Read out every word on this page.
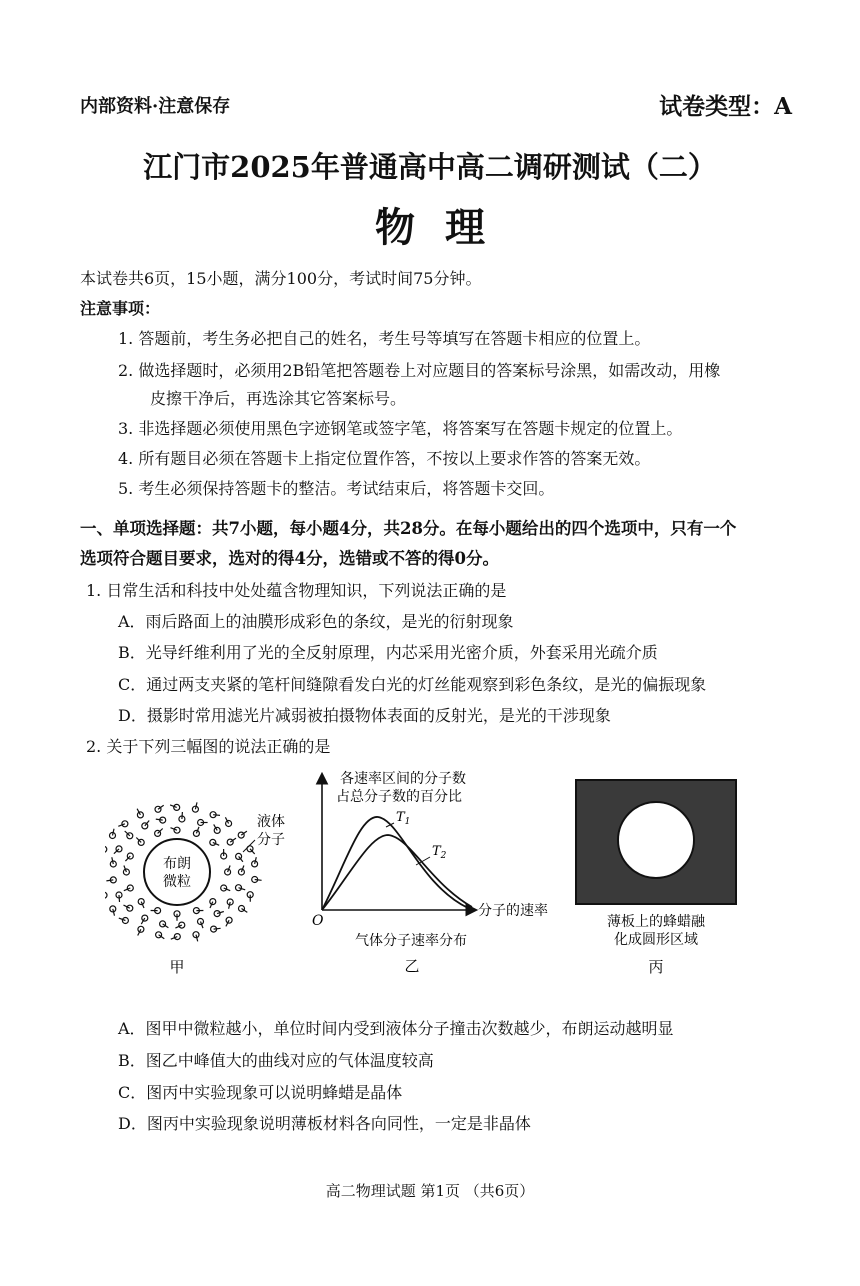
内部资料·注意保存	试卷类型：A
江门市2025年普通高中高二调研测试（二）
物理
本试卷共6页，15小题，满分100分，考试时间75分钟。
注意事项：
1. 答题前，考生务必把自己的姓名，考生号等填写在答题卡相应的位置上。
2. 做选择题时，必须用2B铅笔把答题卷上对应题目的答案标号涂黑，如需改动，用橡
皮擦干净后，再选涂其它答案标号。
3. 非选择题必须使用黑色字迹钢笔或签字笔，将答案写在答题卡规定的位置上。
4. 所有题目必须在答题卡上指定位置作答，不按以上要求作答的答案无效。
5. 考生必须保持答题卡的整洁。考试结束后，将答题卡交回。
一、单项选择题：共7小题，每小题4分，共28分。在每小题给出的四个选项中，只有一个
选项符合题目要求，选对的得4分，选错或不答的得0分。
1. 日常生活和科技中处处蕴含物理知识，下列说法正确的是
A．雨后路面上的油膜形成彩色的条纹，是光的衍射现象
B．光导纤维利用了光的全反射原理，内芯采用光密介质，外套采用光疏介质
C．通过两支夹紧的笔杆间缝隙看发白光的灯丝能观察到彩色条纹，是光的偏振现象
D．摄影时常用滤光片减弱被拍摄物体表面的反射光，是光的干涉现象
2. 关于下列三幅图的说法正确的是
布朗
微粒
液体
分子
甲
各速率区间的分子数
占总分子数的百分比
分子的速率
O
$T_1$
$T_2$
气体分子速率分布
乙
薄板上的蜂蜡融
化成圆形区域
丙
A．图甲中微粒越小，单位时间内受到液体分子撞击次数越少，布朗运动越明显
B．图乙中峰值大的曲线对应的气体温度较高
C．图丙中实验现象可以说明蜂蜡是晶体
D．图丙中实验现象说明薄板材料各向同性，一定是非晶体
高二物理试题 第1页 （共6页）
